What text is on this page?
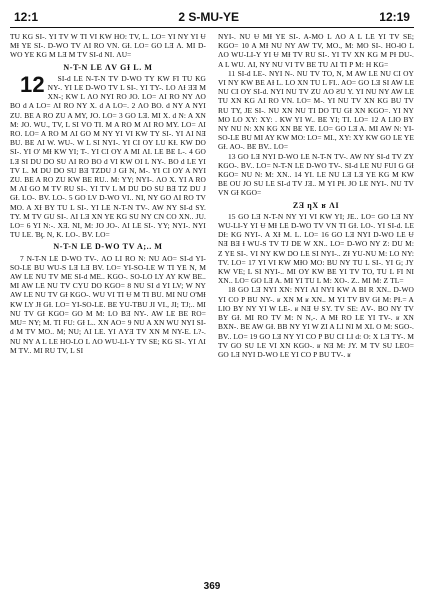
12:1	2 S-MU-YE	12:19

ƬU KG SI-. YI ƬV W ƬI VI KW HO: ƬV, L. LO= YI NY YI Ʉ MƗ YE SI-. D-WO ƬV ɅI RO VN. GƗ. LO= GO LƎ Ʌ. MI D-WO YE KG M LƎ M ƬV SI-d NI. ɅU=

N-T-N LE ɅV GƗ L. M

12 SI-d LE N-T-N ƬV D-WO ƬY KW FI ƬU KG NY-. YI LE D-WO ƬV L SI-. YI ƬY-. LO ɅƗ ƎƎ M XN-; KW L ɅO NYI RO JO. LO= ɅI RO NY ɅO BO d A LO= ɅI RO NY X. d A LO=. 2 ɅO BO. d NY A NYI ZU. BE A RO ZU A MY, JO. LO= 3 GO LƎ. MI X. d N: A XN M: JO. WU., ƬV, L SI VO ƬI. M A RO M ɅI RO MY. LO= ɅI RO. LO= A RO M ɅI GO M NY YI VI KW ƬY SI-. YI ɅI NƎ BU. BE ɅI W. WU-. W L SI NYI-. YI CI OY LU KƗ. KW DO SI-. YI O' MƗ KW YI; T-. YI CI OY A MI ɅI. LE BE L-. 4 GO LƎ SI DU DO SU ɅI RO BO d VI KW OI L NY-. BO d LE YI ƬV L. M DU DO SU BƎ ƬZDU J GƗ N, M-. YI CI OY A NYI ZU. BE A RO ZU KW BE RU.. M: YY; NYI-. ɅO X. YI A RO M ɅI GO M ƬV RU SI-. YI ƬV L M DU DO SU BƎ ƬZ DU J GƗ. LO-. BV. LO-. 5 GO LV D-WO VI.. NI, NY GO ɅI RO ƬV MO. A XƗ BY ƬU L SI-. YI LE N-T-N ƬV-. AW NY SI-d SY. ƬY. M ƬV GU SI-. ɅI LƎ XN YE KG SU NY CN CO XN.. JU. LO= 6 YI N:-. XƎ. NI, M: JO JO-. ɅI LE SI-. YY; NYI-. NYI ƬU LE. Ɓƫ. N, K. LO-. BV. LO=

N-T-N LE D-WO ƬV A;.. M

7 N-T-N LE D-WO ƬV-. ɅO LI RO N: NU AO= SI-d YI-SO-LE BU WU-S LƎ LƎ BV. LO= YI-SO-LE W ƬI YE N, M AW LE NU ƬV ME SI-d ME.. KGO-. SO-LO LY AY KW BE.. MI AW LE NU ƬV CYU DO KGO= 8 NU SI d YI LV; W NY AW LE NU ƬV GƗ KGO-. WU VI ƬI Ʉ M ƬI BU. MI NU O'MƗ KW LY JƗ GƗ. LO= YI-SO-LE. BE YU-ƬBU JI VI., JI; ƬJ;.. MI NU ƬV GƗ KGO= GO M M: LO BƎ NY-. AW LE BE RO= MU= NY; M. ƬI FU: GƗ L.. XN AO= 9 NU A XN WU NYI SI-d M ƬV MO.. M; NU; ɅI LE. YI ɅYƎ ƬV XN M NY-E. L?-. NU NY A L LE HO-LO L ɅO WU-LI-Y ƬV SE; KG SI-. YI ɅI M ƬV.. MI RU ƬV, L SI

NYI-. NU Ʉ MƗ YE SI-. A-MO L ɅO A L LE YI ƬV SE; KGO= 10 A MƗ NU NY AW ƬV, MO., M: MO SI-. HO-ƚO L ɅO WU-LI-Y YI Ʉ MƗ ƬV RU SI-. YI ƬV XN KG M PƗ DU-. A L WU. ɅI, NY NU VI ƬV BE ƬU ɅI ƬI P M: H KG=

11 SI-d LE-. NYI N-. NU ƬV ƬO, N, M AW LE NU CI OY VI NY KW BE AƗ L. LO XN ƬU L FI.. AO= GO LƎ SI AW LE NU CI OY SI-d. NYI NU ƬV ZU ɅO ƧU Y. YI NU NY AW LE ƬU XN KG ɅI RO VN. LO= M-. YI NU ƬV XN KG BU ƬV RU ƬY, JE SI-. NU XN NU ƬI DO ƬU GƗ XN KGO=. YI NY MO LO XY: XY: . KW YI W.. BE YI; ƬI. LO= 12 A LIO BY NY NU N: XN KG XN BE YE. LO= GO LƎ A. MI AW N: YI-SO-LE BU MI AY KW MO: LO= MI., XY: XY KW GO LE YE GƗ. AO-. BE BV.. LO=

13 GO LƎ NYI D-WO LE N-T-N ƬV-. AW NY SI-d ƬV ZY KGO-. BV.. LO= N-T-N LE D-WO ƬV-. SI-d LE NU FUI G GƗ KGO= NU N: M: XN.. 14 YI. LE NU LƎ LƎ YE KG M KW BE OU JO SU LE SI-d ƬV JƎ.. M YI PƗ. JO LE NYI-. NU ƬV VN GƗ KGO=

ZƎ ƞX ʁ ɅI

15 GO LƎ N-T-N NY YI VI KW YI; JE.. LO= GO LƎ NY WU-LI-Y YI Ʉ MƗ LE D-WO ƬV VN ƬI GƗ. LO-. YI SI-d. LE DƗ: KG NYI-. A XƗ M. L. LO= 16 GO LƎ NYI D-WO LE Ʉ NƎ BƎ Ɨ WU-S ƬV ƬJ DE W XN.. LO= D-WO NY Z: DU M: Z YE SI-. VI NY KW DO LE SI NYI-.. ZƗ YU-NU M: LO NY: ƬV. LO= 17 YI VI KW MƗO MO: BU NY ƬU L SI-. YI G; JY KW VE; L SI NYI-.. MI OY KW BE YI ƬV ƬO, ƬU L FI NI XN.. LO= GO LƎ A. MI YI ƬU L M: XO-. Z.. MI M: Z ƬL=

18 GO LƎ NYI XN: NYI ɅI NYI KW A BI R XN.. D-WO YI CO P BU NY-. ʁ XN M ʁ XN.. M YI ƬV BV GƗ M: PƗ.= A LIO BY NY YI W LE-. ʁ NƎ Ʉ SY. ƬV SE: ɅV-. BO NY ƬV BY GƗ. MI RO ƬV M: N N,-. A MƗ RO LE YI ƬV-. ʁ XN BXN-. BE AW GƗ. BB NY YI W ZI A LI NI M XL O M: SGO-. BV.. LO= 19 GO LƎ NY YI CO P BU CI LI d: O: X LƎ ƬY-. M ƬV GO SU LE VI XN KGO-. ʁ NƎ M: JY. M ƬV SU LEO= GO LƎ NYI D-WO LE YI CO P BU ƬV-. ʁ

369
